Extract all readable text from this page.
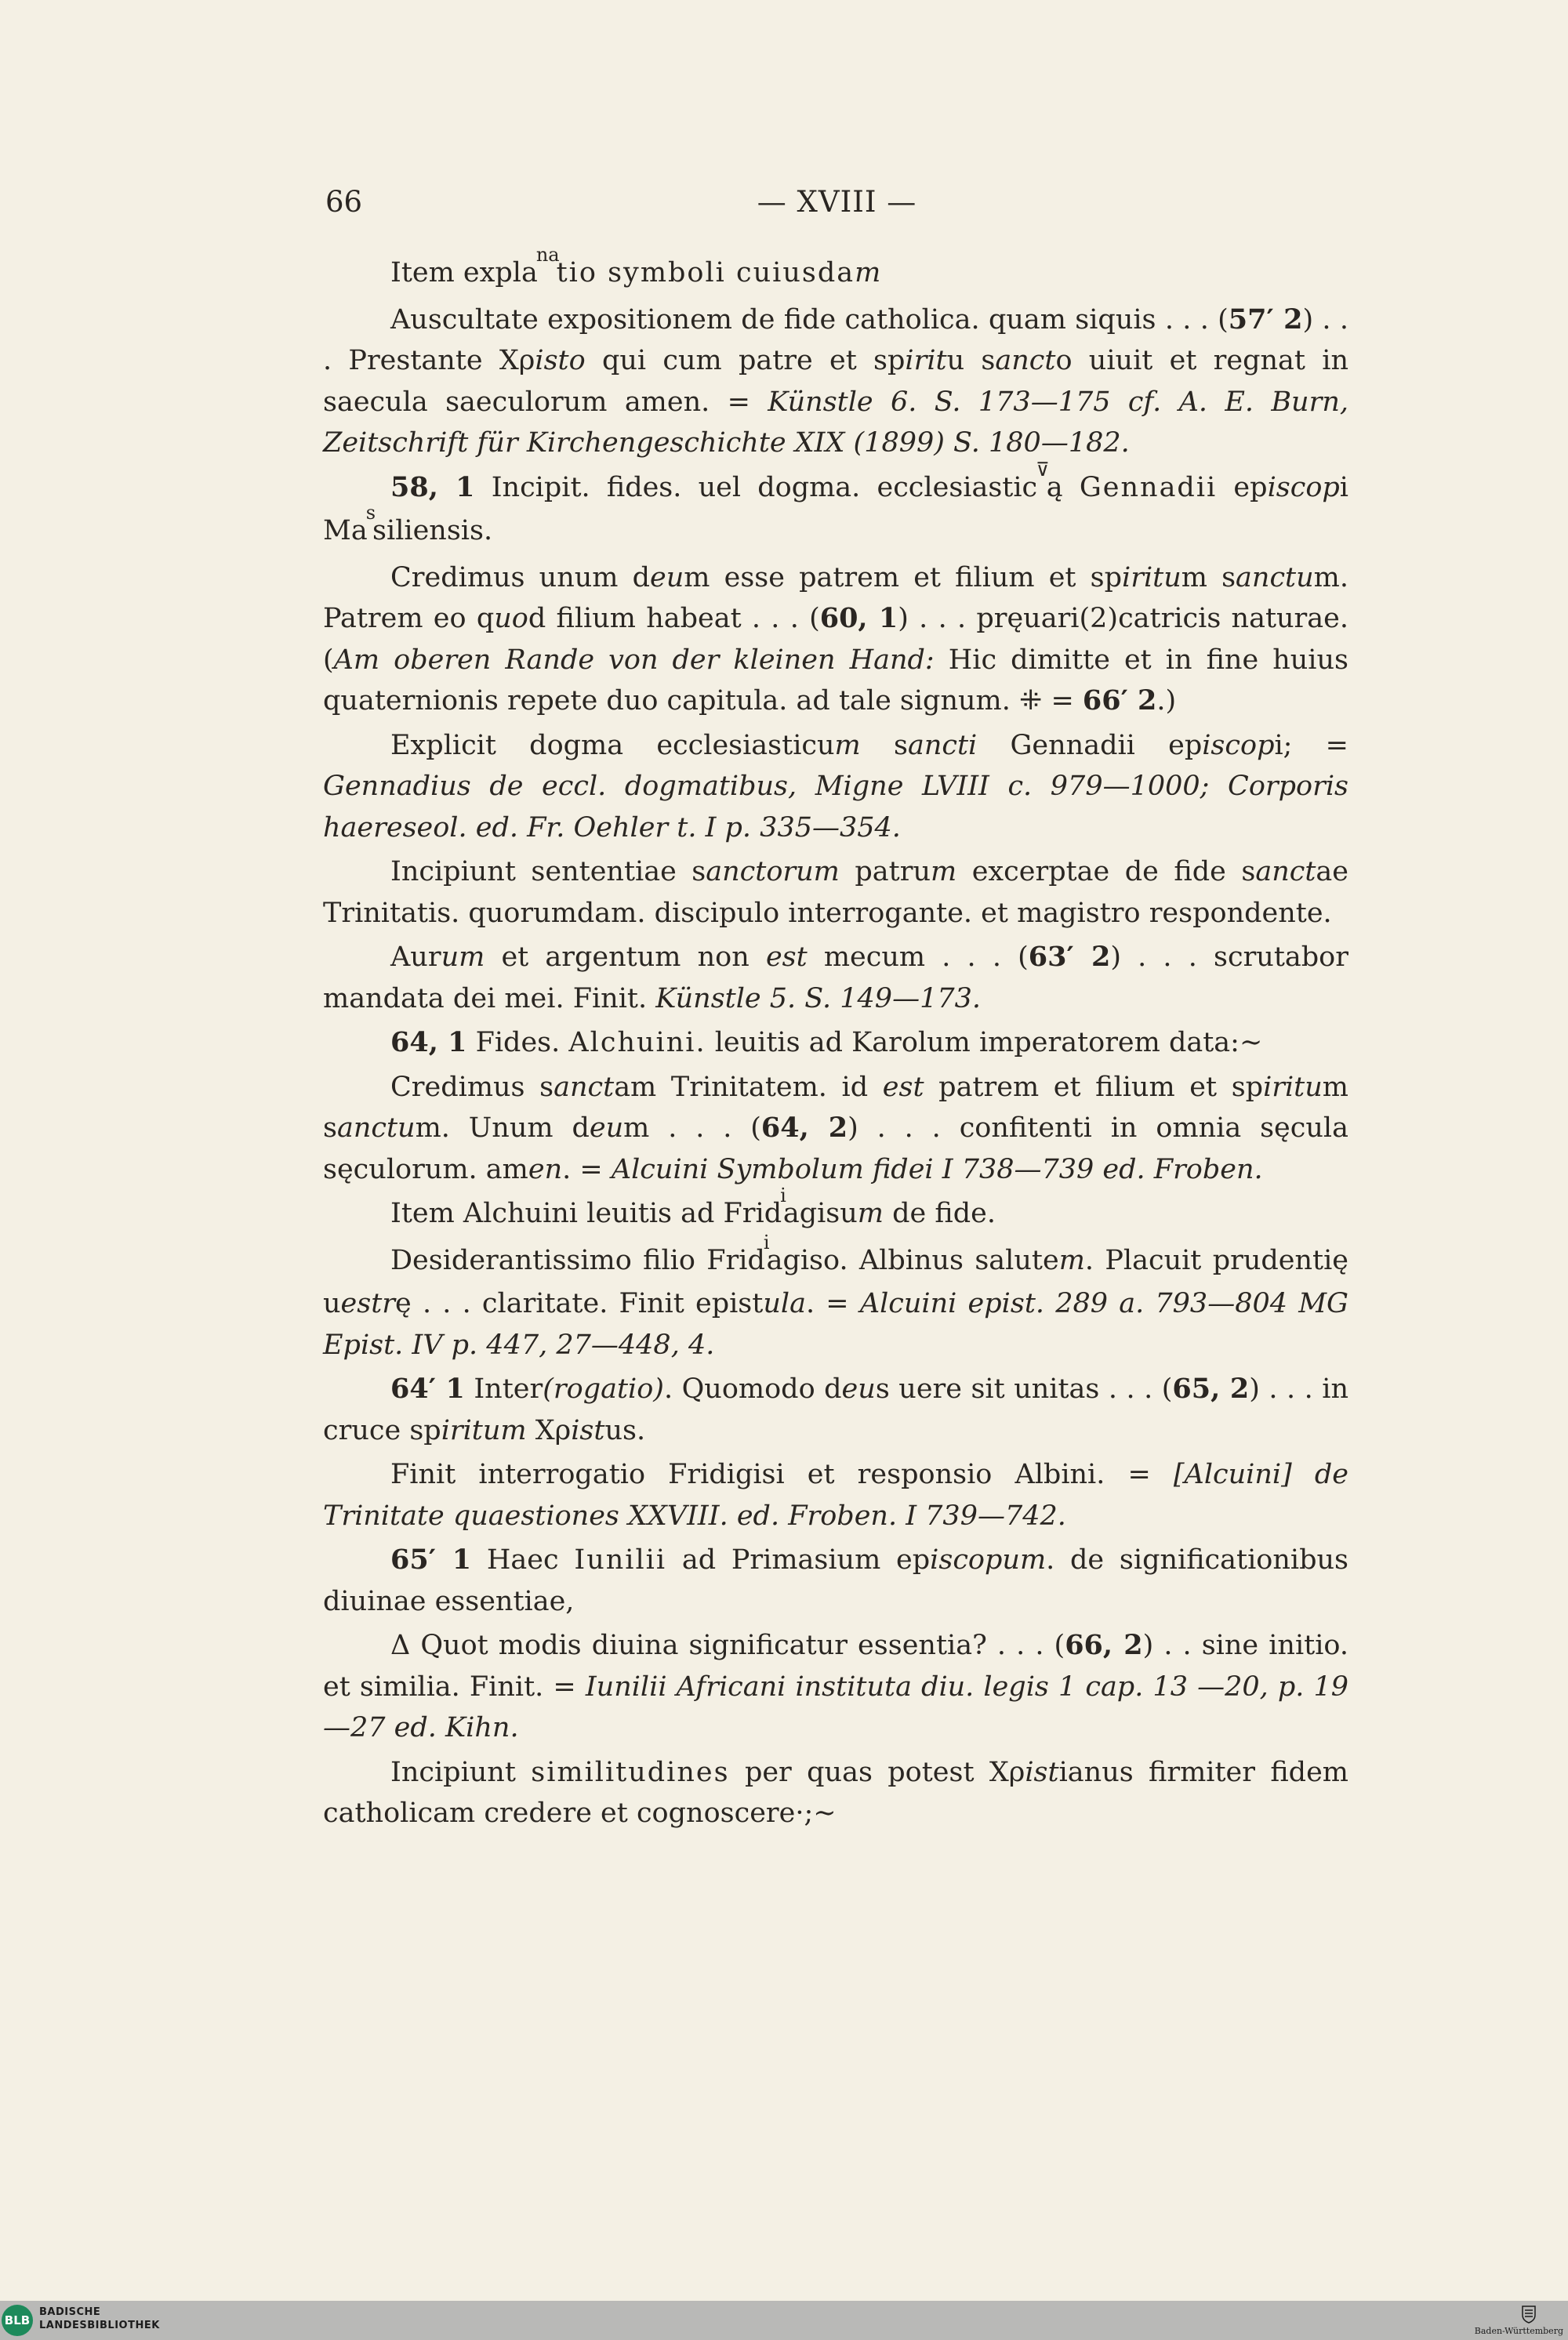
66	— XVIII —

Item expla$^{na}$tio symboli cuiusdam

Auscultate expositionem de fide catholica. quam siquis . . . (57′ 2) . . . Prestante Χρisto qui cum patre et spiritu sancto uiuit et regnat in saecula saeculorum amen. = Künstle 6. S. 173—175 cf. A. E. Burn, Zeitschrift für Kirchengeschichte XIX (1899) S. 180—182.

58, 1 Incipit. fides. uel dogma. ecclesiastic⊽ą Gennadii episcopi Ma$^s$siliensis.

Credimus unum deum esse patrem et filium et spiritum sanctum. Patrem eo quod filium habeat . . . (60, 1) . . . pręuari(2)catricis naturae. (Am oberen Rande von der kleinen Hand: Hic dimitte et in fine huius quaternionis repete duo capitula. ad tale signum. ⁜ = 66′ 2.)

Explicit dogma ecclesiasticum sancti Gennadii episcopi; = Gennadius de eccl. dogmatibus, Migne LVIII c. 979—1000; Corporis haereseol. ed. Fr. Oehler t. I p. 335—354.

Incipiunt sententiae sanctorum patrum excerptae de fide sanctae Trinitatis. quorumdam. discipulo interrogante. et magistro respondente.

Aurum et argentum non est mecum . . . (63′ 2) . . . scrutabor mandata dei mei. Finit. Künstle 5. S. 149—173.

64, 1 Fides. Alchuini. leuitis ad Karolum imperatorem data:∼

Credimus sanctam Trinitatem. id est patrem et filium et spiritum sanctum. Unum deum . . . (64, 2) . . . confitenti in omnia sęcula sęculorum. amen. = Alcuini Symbolum fidei I 738—739 ed. Froben.

Item Alchuini leuitis ad Frid$^i$agisum de fide.

Desiderantissimo filio Frid$^i$agiso. Albinus salutem. Placuit prudentię uestrę . . . claritate. Finit epistula. = Alcuini epist. 289 a. 793—804 MG Epist. IV p. 447, 27—448, 4.

64′ 1 Inter(rogatio). Quomodo deus uere sit unitas . . . (65, 2) . . . in cruce spiritum Χρistus.

Finit interrogatio Fridigisi et responsio Albini. = [Alcuini] de Trinitate quaestiones XXVIII. ed. Froben. I 739—742.

65′ 1 Haec Iunilii ad Primasium episcopum. de significationibus diuinae essentiae,

Δ Quot modis diuina significatur essentia? . . . (66, 2) . . sine initio. et similia. Finit. = Iunilii Africani instituta diu. legis 1 cap. 13 —20, p. 19—27 ed. Kihn.

Incipiunt similitudines per quas potest Χρistianus firmiter fidem catholicam credere et cognoscere·;∼

BLB
BADISCHE
LANDESBIBLIOTHEK	Baden-Württemberg
